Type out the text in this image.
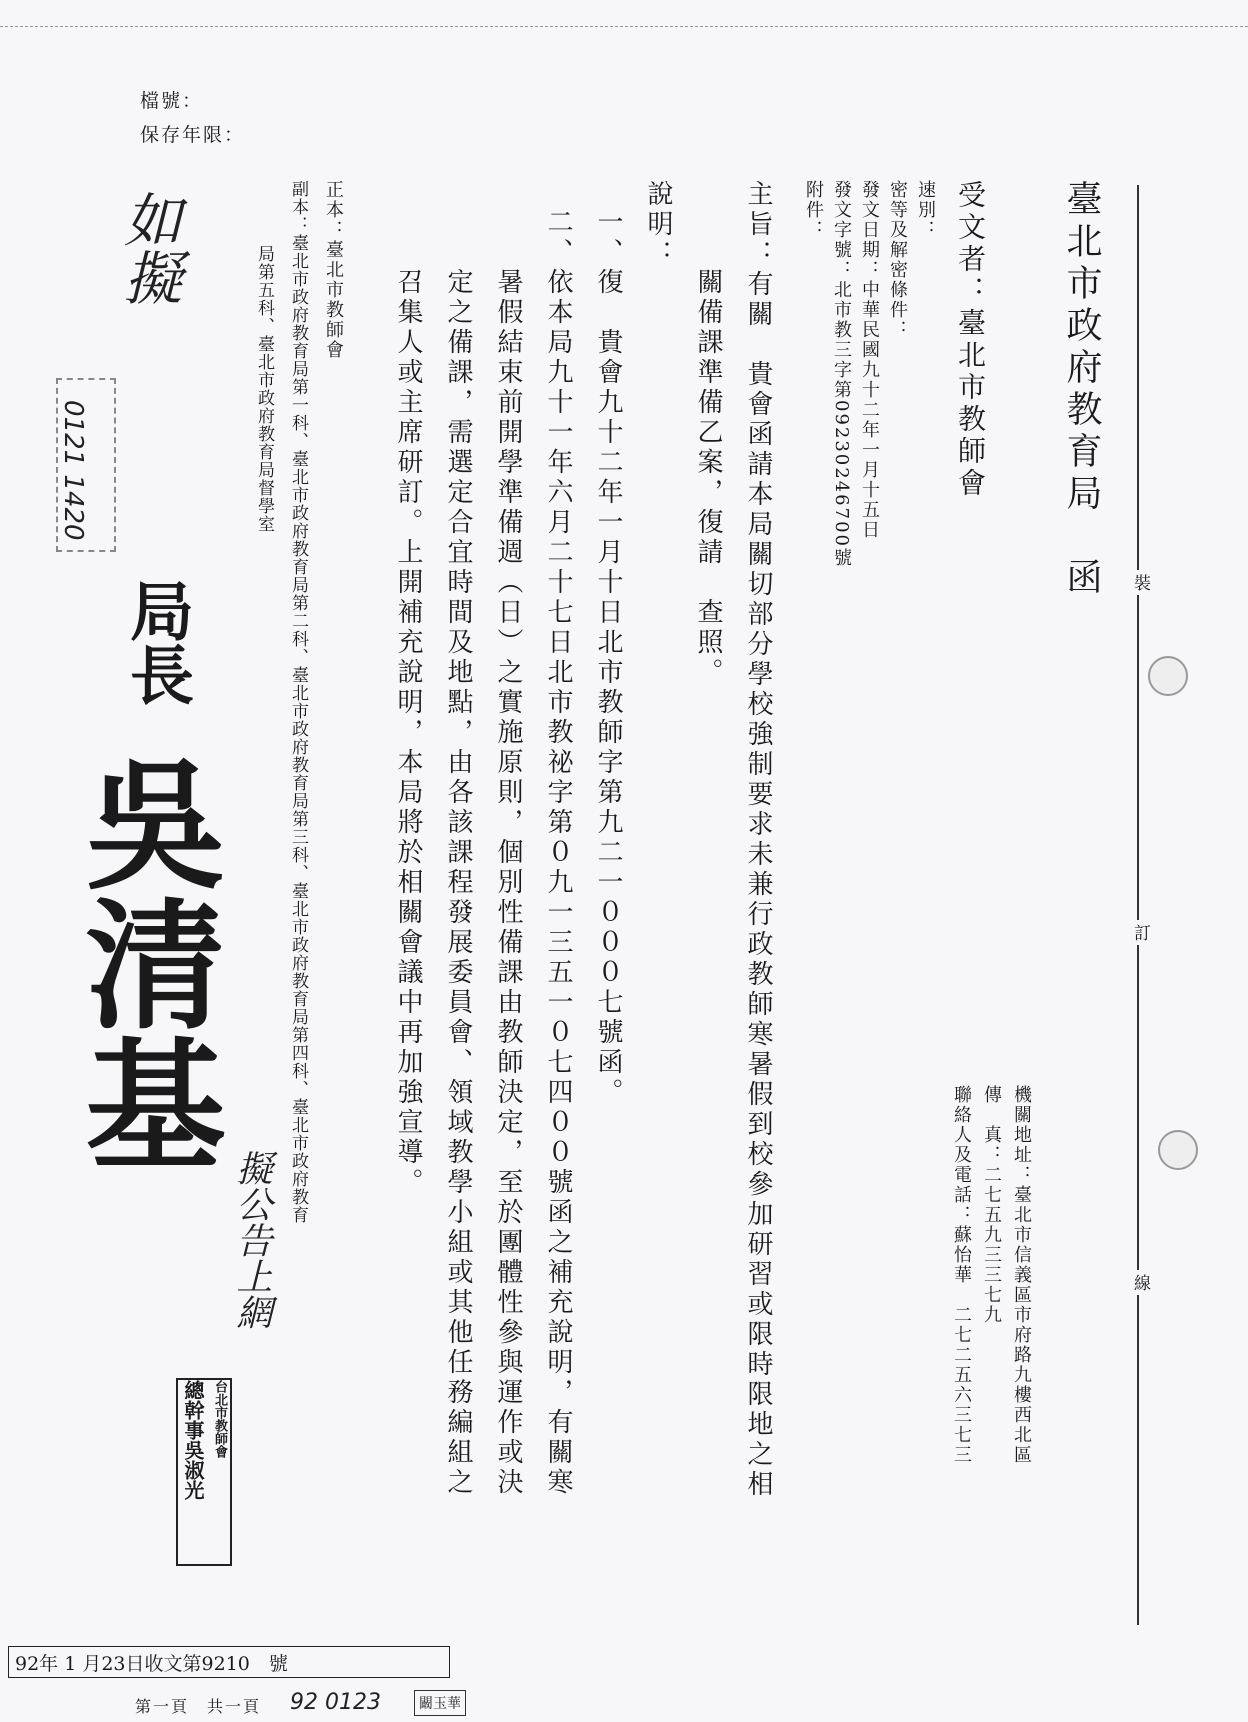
檔號：
保存年限：
裝
訂
線
臺北市政府教育局　函
受文者：臺北市教師會
速別：
密等及解密條件：
發文日期：中華民國九十二年一月十五日
發文字號：北市教三字第09230246700號
附件：
主旨：有關　貴會函請本局關切部分學校強制要求未兼行政教師寒暑假到校參加研習或限時限地之相
關備課準備乙案，復請　查照。
說明：
一、復　貴會九十二年一月十日北市教師字第九二一０００七號函。
二、依本局九十一年六月二十七日北市教祕字第０九一三五一０七四００號函之補充說明，有關寒
暑假結束前開學準備週（日）之實施原則，個別性備課由教師決定，至於團體性參與運作或決
定之備課，需選定合宜時間及地點，由各該課程發展委員會、領域教學小組或其他任務編組之
召集人或主席研訂。上開補充說明，本局將於相關會議中再加強宣導。
正本：臺北市教師會
副本：臺北市政府教育局第一科、臺北市政府教育局第二科、臺北市政府教育局第三科、臺北市政府教育局第四科、臺北市政府教育
局第五科、臺北市政府教育局督學室
機關地址：臺北市信義區市府路九樓西北區
傳　真：二七五九三三七九
聯絡人及電話：蘇怡華　二七二五六三七三
如擬
0121 1420
擬公告上網
局長
吳清基
台北市教師會
總幹事吳淑光
92年 1 月23日收文第9210　號
第一頁　共一頁 92 0123	闞玉華
